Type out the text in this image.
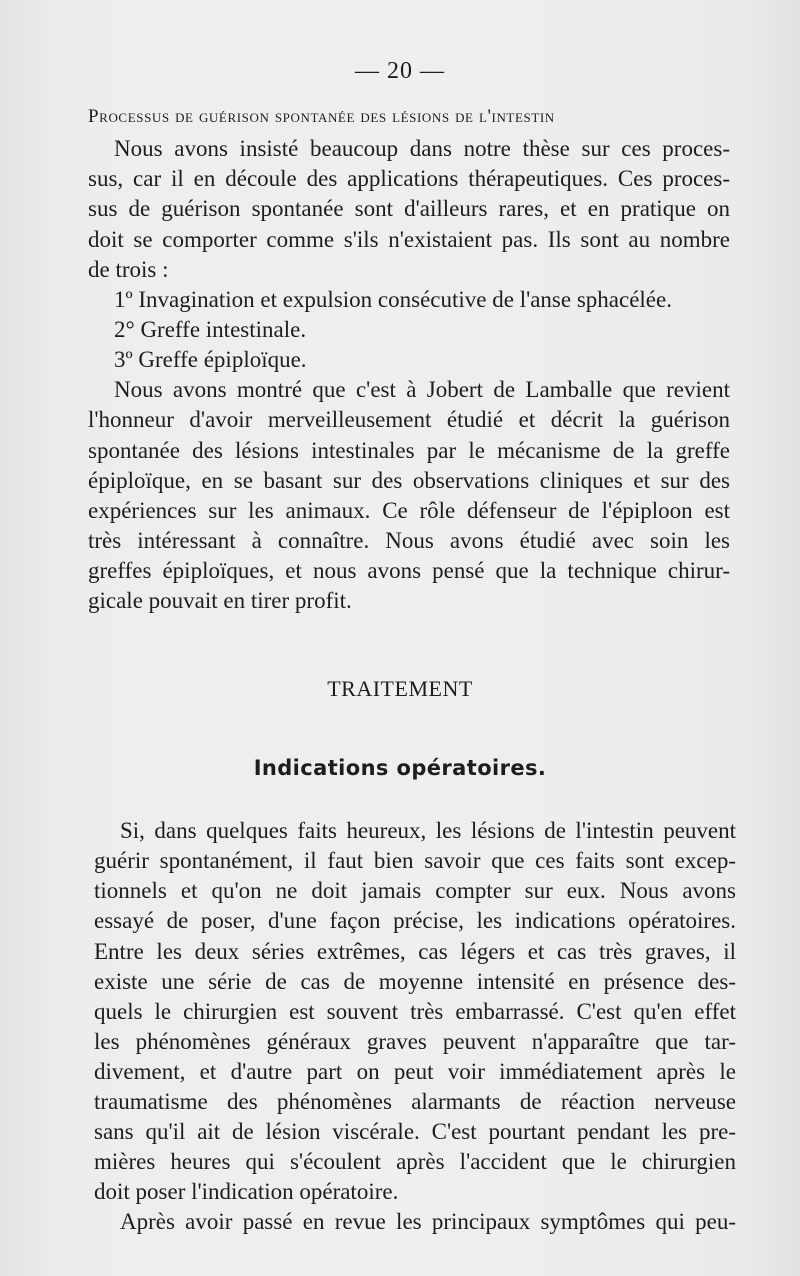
— 20 —
Processus de guérison spontanée des lésions de l'intestin
Nous avons insisté beaucoup dans notre thèse sur ces proces-
sus, car il en découle des applications thérapeutiques. Ces proces-
sus de guérison spontanée sont d'ailleurs rares, et en pratique on
doit se comporter comme s'ils n'existaient pas. Ils sont au nombre
de trois :
1º Invagination et expulsion consécutive de l'anse sphacélée.
2° Greffe intestinale.
3º Greffe épiploïque.
Nous avons montré que c'est à Jobert de Lamballe que revient
l'honneur d'avoir merveilleusement étudié et décrit la guérison
spontanée des lésions intestinales par le mécanisme de la greffe
épiploïque, en se basant sur des observations cliniques et sur des
expériences sur les animaux. Ce rôle défenseur de l'épiploon est
très intéressant à connaître. Nous avons étudié avec soin les
greffes épiploïques, et nous avons pensé que la technique chirur-
gicale pouvait en tirer profit.
TRAITEMENT
Indications opératoires.
Si, dans quelques faits heureux, les lésions de l'intestin peuvent
guérir spontanément, il faut bien savoir que ces faits sont excep-
tionnels et qu'on ne doit jamais compter sur eux. Nous avons
essayé de poser, d'une façon précise, les indications opératoires.
Entre les deux séries extrêmes, cas légers et cas très graves, il
existe une série de cas de moyenne intensité en présence des-
quels le chirurgien est souvent très embarrassé. C'est qu'en effet
les phénomènes généraux graves peuvent n'apparaître que tar-
divement, et d'autre part on peut voir immédiatement après le
traumatisme des phénomènes alarmants de réaction nerveuse
sans qu'il ait de lésion viscérale. C'est pourtant pendant les pre-
mières heures qui s'écoulent après l'accident que le chirurgien
doit poser l'indication opératoire.
Après avoir passé en revue les principaux symptômes qui peu-
